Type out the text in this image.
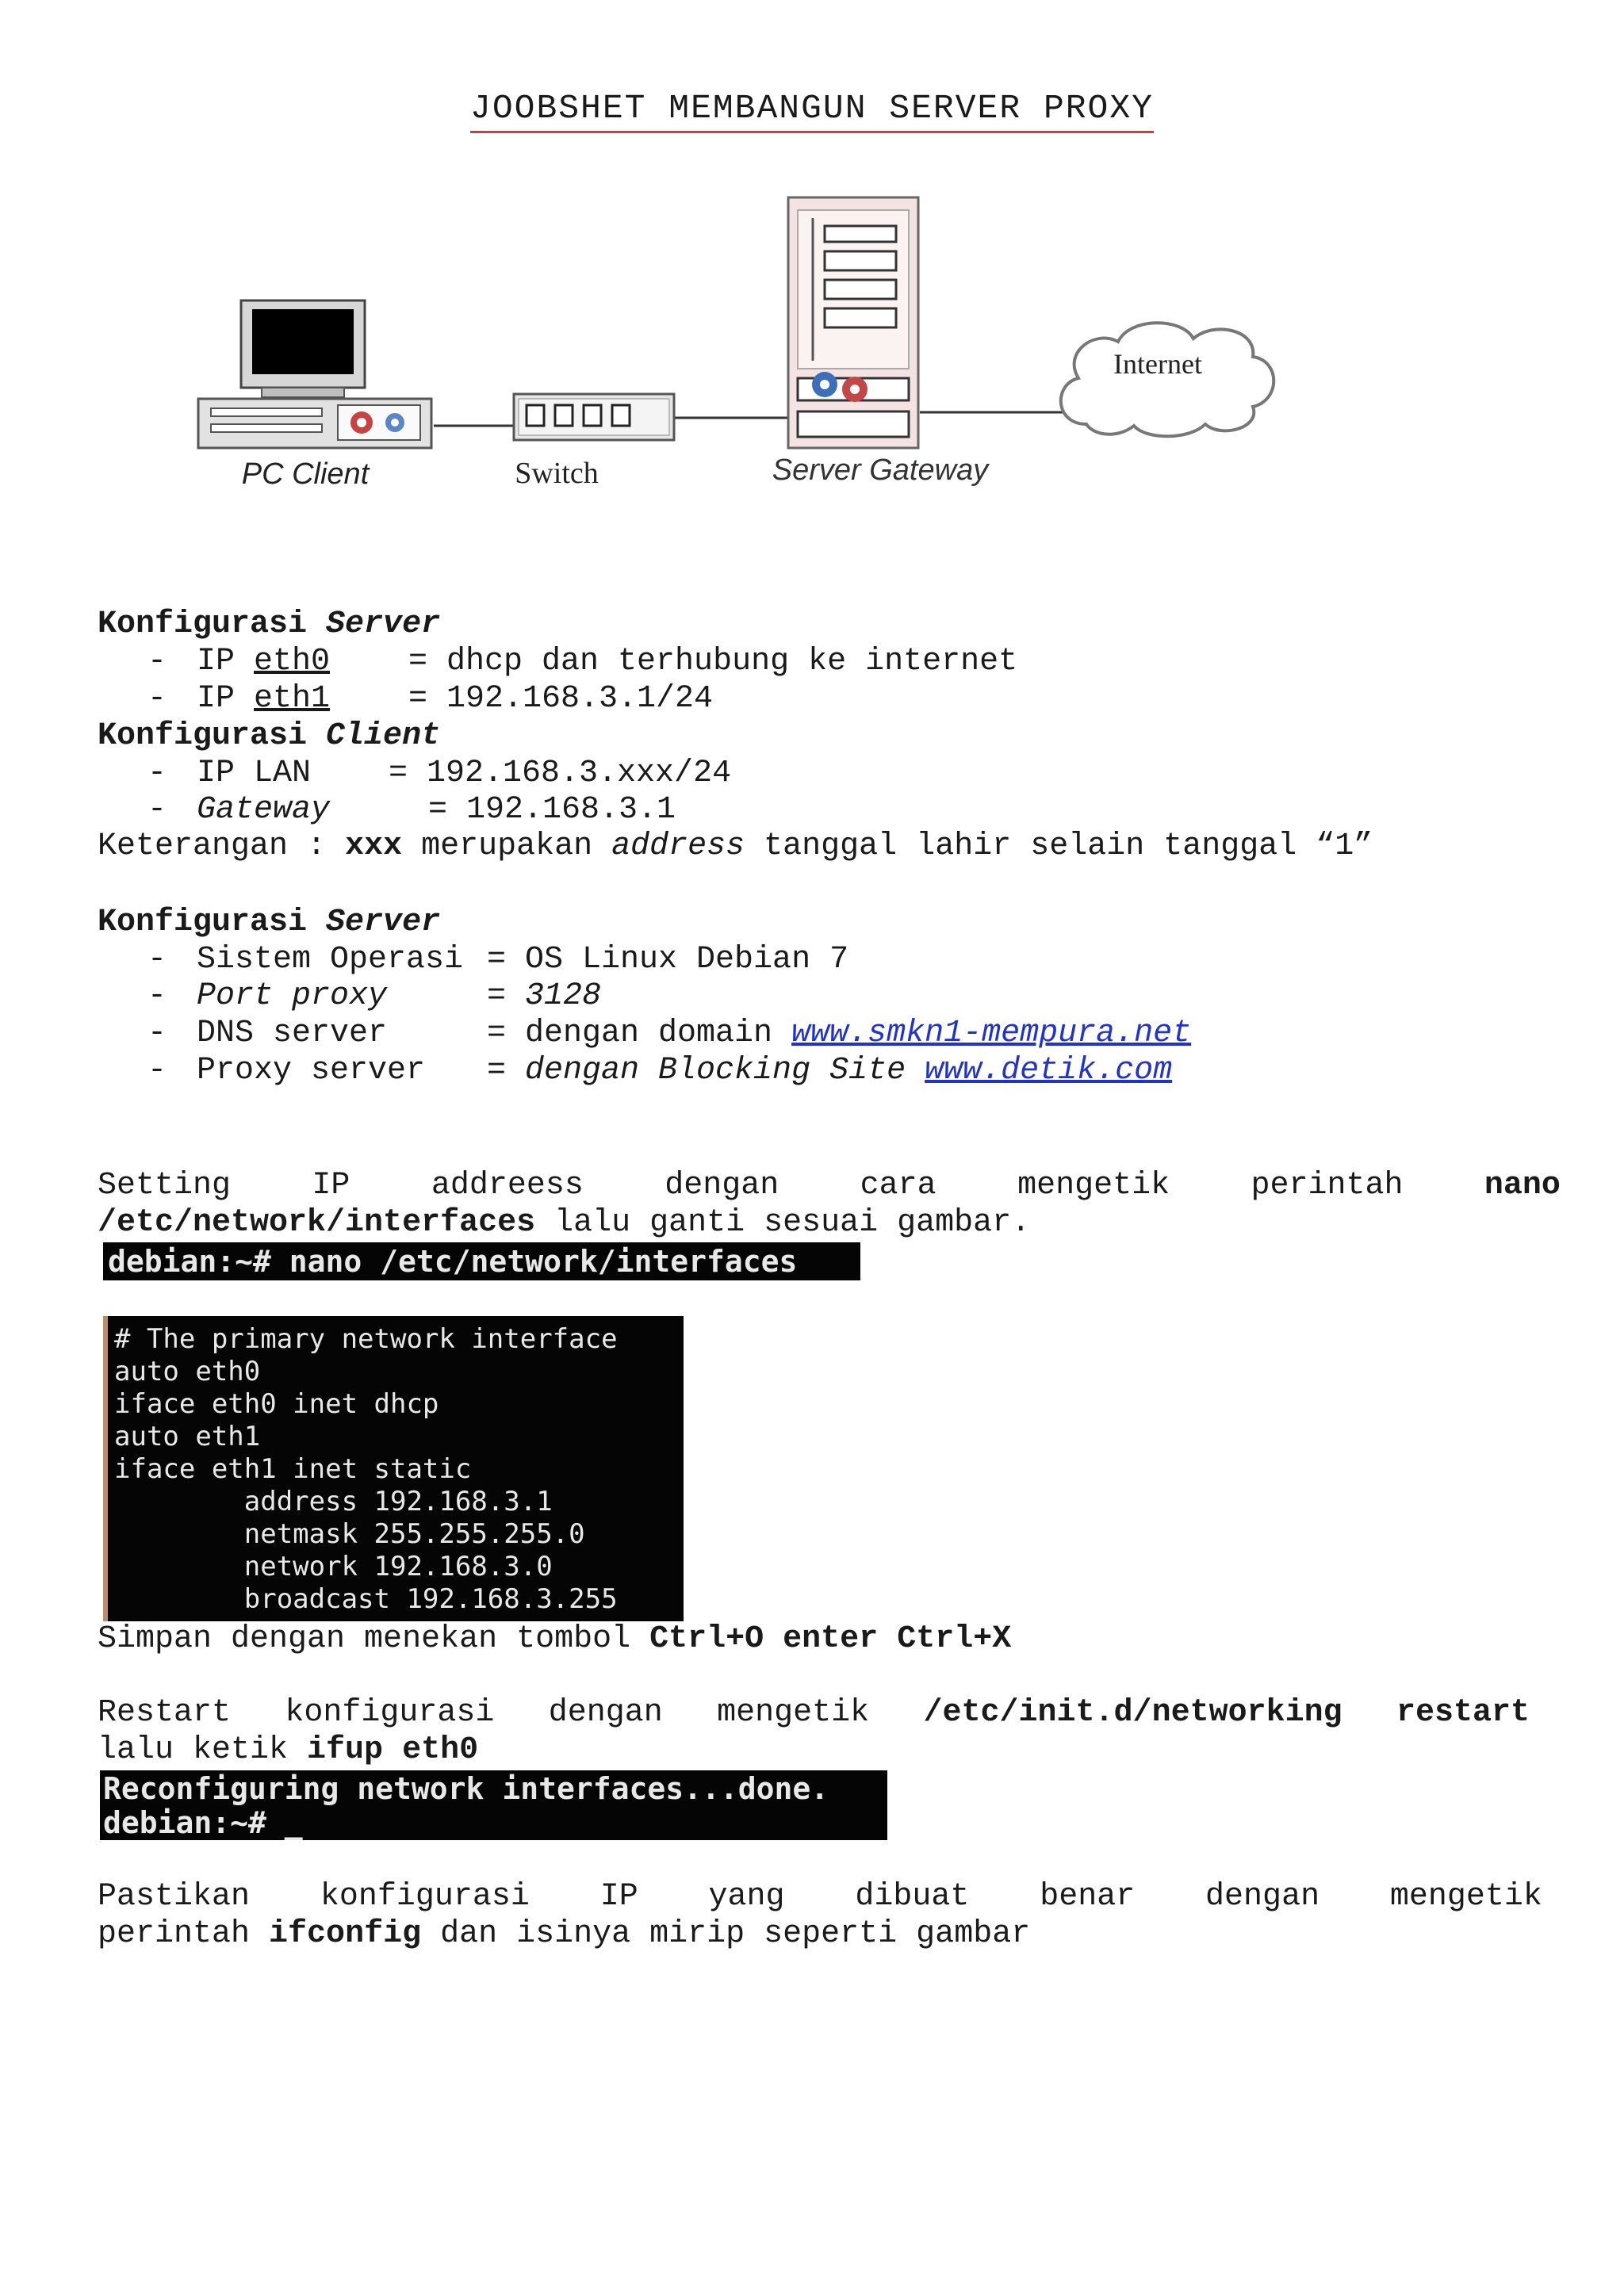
JOOBSHET MEMBANGUN SERVER PROXY
PC Client	Switch	Server Gateway
Internet
Konfigurasi Server
- IP eth0 = dhcp dan terhubung ke internet
- IP eth1 = 192.168.3.1/24
Konfigurasi Client
- IP LAN = 192.168.3.xxx/24
- Gateway	= 192.168.3.1
Keterangan : xxx merupakan address tanggal lahir selain tanggal “1”
Konfigurasi Server
- Sistem Operasi = OS Linux Debian 7
- Port proxy	= 3128
- DNS server	= dengan domain www.smkn1-mempura.net
- Proxy server = dengan Blocking Site www.detik.com
Setting	IP	addreess	dengan	cara	mengetik	perintah	nano
/etc/network/interfaces lalu ganti sesuai gambar.
debian:~# nano /etc/network/interfaces
# The primary network interface
auto eth0
iface eth0 inet dhcp
auto eth1
iface eth1 inet static
address 192.168.3.1
netmask 255.255.255.0
network 192.168.3.0
broadcast 192.168.3.255
Simpan dengan menekan tombol Ctrl+O enter Ctrl+X
Restart konfigurasi dengan mengetik /etc/init.d/networking restart
lalu ketik ifup eth0
Reconfiguring network interfaces...done.
debian:~# _
Pastikan konfigurasi IP yang dibuat benar dengan mengetik
perintah ifconfig dan isinya mirip seperti gambar
